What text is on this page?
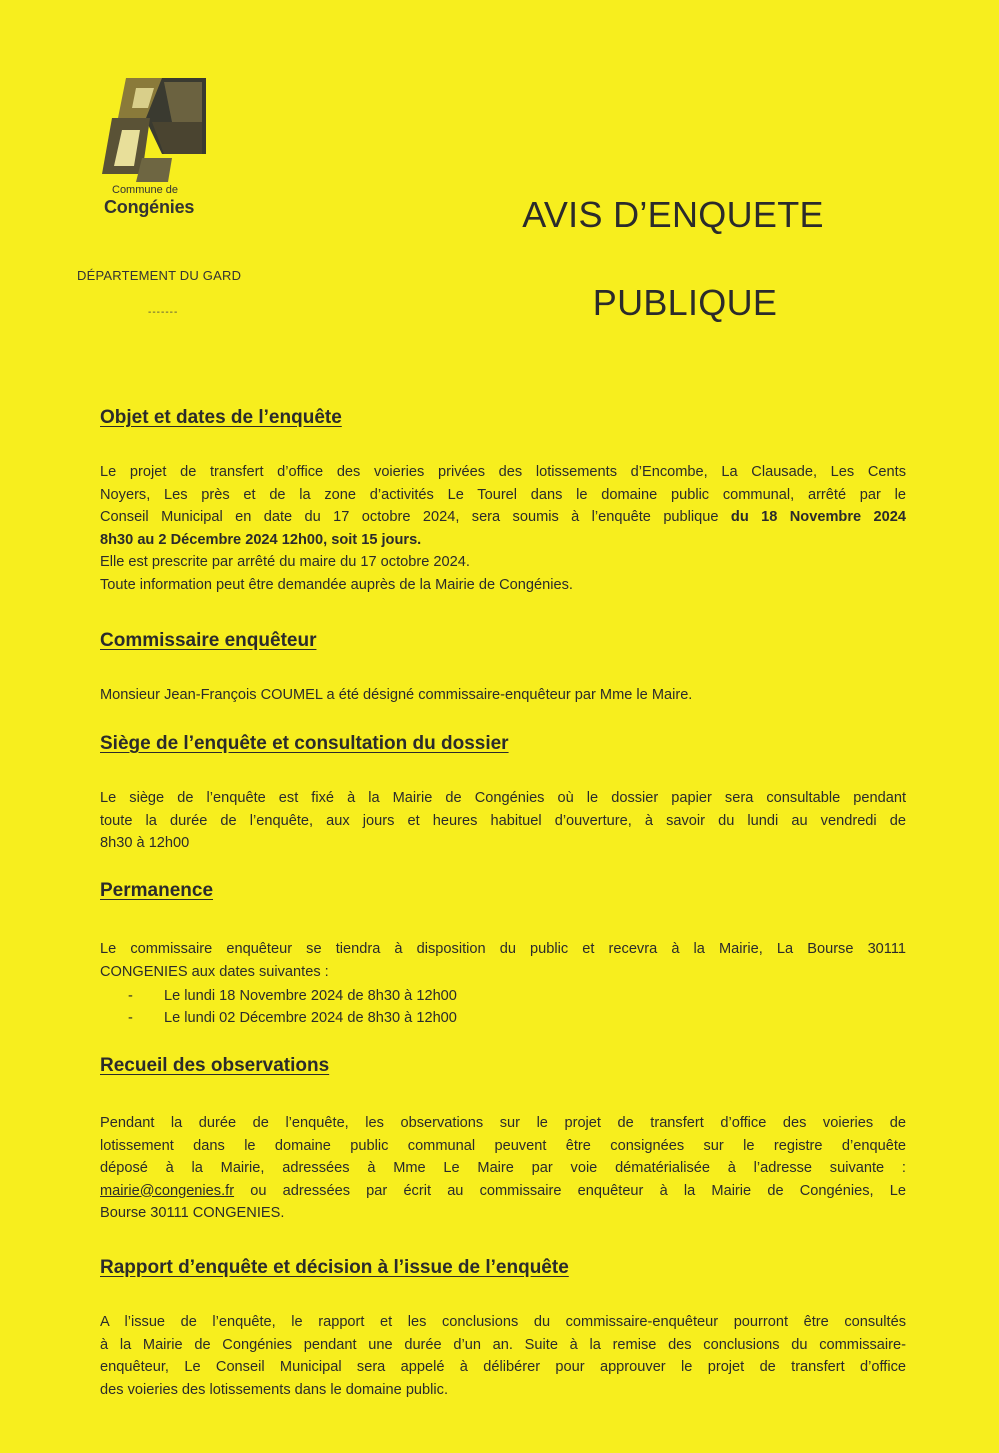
Commune de
Congénies
DÉPARTEMENT DU GARD
-------
AVIS D’ENQUETE
PUBLIQUE
Objet et dates de l’enquête
Le projet de transfert d’office des voieries privées des lotissements d’Encombe, La Clausade, Les Cents
Noyers, Les près et de la zone d’activités Le Tourel dans le domaine public communal, arrêté par le
Conseil Municipal en date du 17 octobre 2024, sera soumis à l’enquête publique du 18 Novembre 2024
8h30 au 2 Décembre 2024 12h00, soit 15 jours.
Elle est prescrite par arrêté du maire du 17 octobre 2024.
Toute information peut être demandée auprès de la Mairie de Congénies.
Commissaire enquêteur
Monsieur Jean-François COUMEL a été désigné commissaire-enquêteur par Mme le Maire.
Siège de l’enquête et consultation du dossier
Le siège de l’enquête est fixé à la Mairie de Congénies où le dossier papier sera consultable pendant
toute la durée de l’enquête, aux jours et heures habituel d’ouverture, à savoir du lundi au vendredi de
8h30 à 12h00
Permanence
Le commissaire enquêteur se tiendra à disposition du public et recevra à la Mairie, La Bourse 30111
CONGENIES aux dates suivantes :
-	Le lundi 18 Novembre 2024 de 8h30 à 12h00
-	Le lundi 02 Décembre 2024 de 8h30 à 12h00
Recueil des observations
Pendant la durée de l’enquête, les observations sur le projet de transfert d’office des voieries de
lotissement dans le domaine public communal peuvent être consignées sur le registre d’enquête
déposé à la Mairie, adressées à Mme Le Maire par voie dématérialisée à l’adresse suivante :
mairie@congenies.fr ou adressées par écrit au commissaire enquêteur à la Mairie de Congénies, Le
Bourse 30111 CONGENIES.
Rapport d’enquête et décision à l’issue de l’enquête
A l’issue de l’enquête, le rapport et les conclusions du commissaire-enquêteur pourront être consultés
à la Mairie de Congénies pendant une durée d’un an. Suite à la remise des conclusions du commissaire-
enquêteur, Le Conseil Municipal sera appelé à délibérer pour approuver le projet de transfert d’office
des voieries des lotissements dans le domaine public.
